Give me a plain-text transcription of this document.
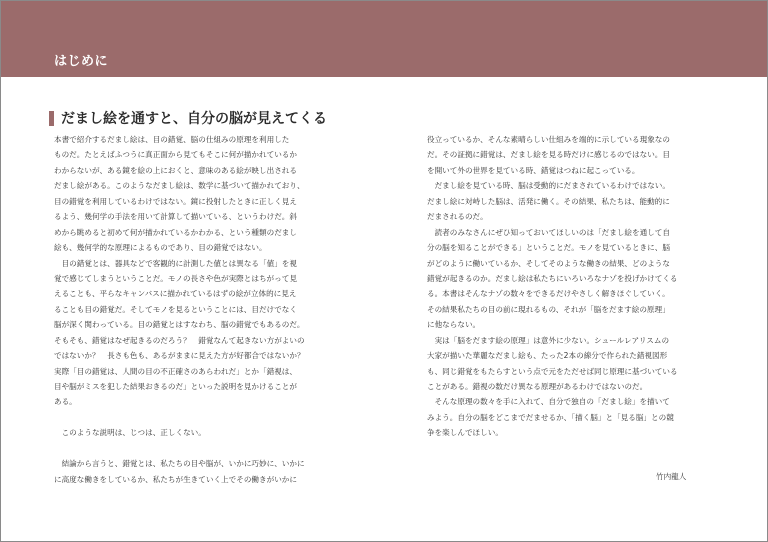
はじめに
だまし絵を通すと、自分の脳が見えてくる
本書で紹介するだまし絵は、目の錯覚、脳の仕組みの原理を利用した
ものだ。たとえばふつうに真正面から見てもそこに何が描かれているか
わからないが、ある鏡を絵の上におくと、意味のある絵が映し出される
だまし絵がある。このようなだまし絵は、数学に基づいて描かれており、
目の錯覚を利用しているわけではない。鏡に投射したときに正しく見え
るよう、幾何学の手法を用いて計算して描いている、というわけだ。斜
めから眺めると初めて何が描かれているかわかる、という種類のだまし
絵も、幾何学的な原理によるものであり、目の錯覚ではない。
　目の錯覚とは、器具などで客観的に計測した値とは異なる「値」を視
覚で感じてしまうということだ。モノの長さや色が実際とはちがって見
えることも、平らなキャンバスに描かれているはずの絵が立体的に見え
ることも目の錯覚だ。そしてモノを見るということには、目だけでなく
脳が深く関わっている。目の錯覚とはすなわち、脳の錯覚でもあるのだ。
そもそも、錯覚はなぜ起きるのだろう？　錯覚なんて起きない方がよいの
ではないか？　長さも色も、あるがままに見えた方が好都合ではないか？
実際「目の錯覚は、人間の目の不正確さのあらわれだ」とか「錯視は、
目や脳がミスを犯した結果おきるのだ」といった説明を見かけることが
ある。
　このような説明は、じつは、正しくない。
　結論から言うと、錯覚とは、私たちの目や脳が、いかに巧妙に、いかに
に高度な働きをしているか、私たちが生きていく上でその働きがいかに
役立っているか、そんな素晴らしい仕組みを端的に示している現象なの
だ。その証拠に錯覚は、だまし絵を見る時だけに感じるのではない。目
を開いて外の世界を見ている時、錯覚はつねに起こっている。
　だまし絵を見ている時、脳は受動的にだまされているわけではない。
だまし絵に対峙した脳は、活発に働く。その結果、私たちは、能動的に
だまされるのだ。
　読者のみなさんにぜひ知っておいてほしいのは「だまし絵を通して自
分の脳を知ることができる」ということだ。モノを見ているときに、脳
がどのように働いているか、そしてそのような働きの結果、どのような
錯覚が起きるのか。だまし絵は私たちにいろいろなナゾを投げかけてくる
る。本書はそんなナゾの数々をできるだけやさしく解きほぐしていく。
その結果私たちの目の前に現れるもの、それが「脳をだます絵の原理」
に他ならない。
　実は「脳をだます絵の原理」は意外に少ない。シュールレアリスムの
大家が描いた華麗なだまし絵も、たった2本の線分で作られた錯視図形
も、同じ錯覚をもたらすという点で元をただせば同じ原理に基づいている
ことがある。錯視の数だけ異なる原理があるわけではないのだ。
　そんな原理の数々を手に入れて、自分で独自の「だまし絵」を描いて
みよう。自分の脳をどこまでだませるか、「描く脳」と「見る脳」との競
争を楽しんでほしい。
竹内龍人
